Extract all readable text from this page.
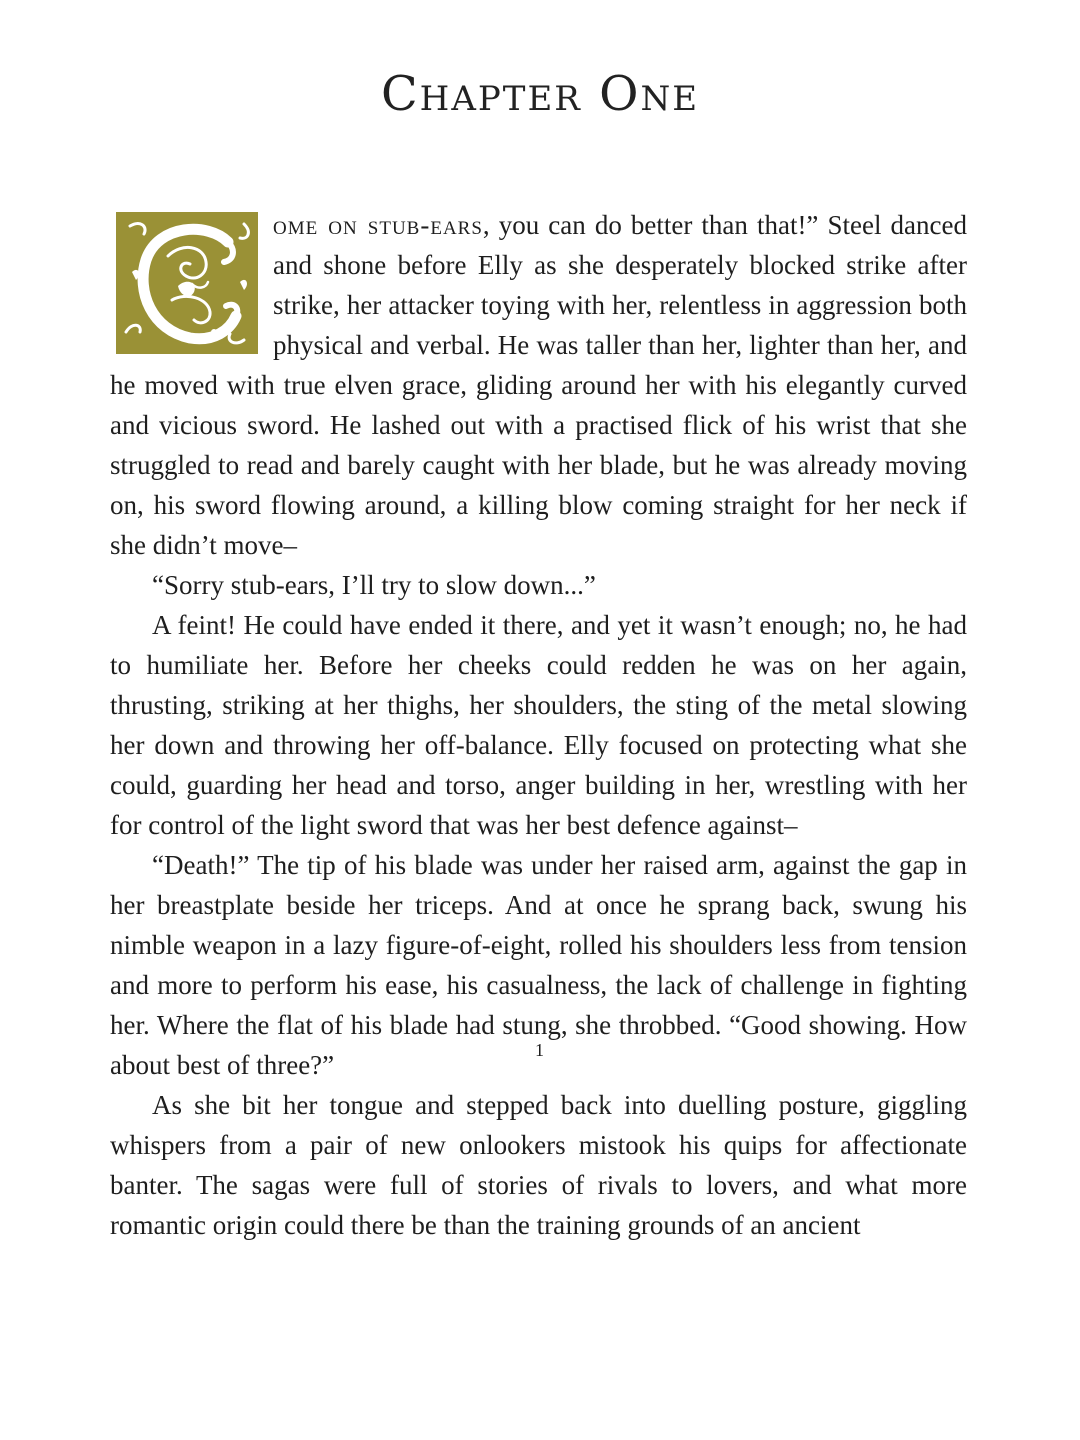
Chapter One

ome on stub-ears, you can do better than that!” Steel danced and shone before Elly as she desperately blocked strike after strike, her attacker toying with her, relentless in aggression both physical and verbal. He was taller than her, lighter than her, and he moved with true elven grace, gliding around her with his elegantly curved and vicious sword. He lashed out with a practised flick of his wrist that she struggled to read and barely caught with her blade, but he was already moving on, his sword flowing around, a killing blow coming straight for her neck if she didn’t move–

“Sorry stub-ears, I’ll try to slow down...”

A feint! He could have ended it there, and yet it wasn’t enough; no, he had to humiliate her. Before her cheeks could redden he was on her again, thrusting, striking at her thighs, her shoulders, the sting of the metal slowing her down and throwing her off-balance. Elly focused on protecting what she could, guarding her head and torso, anger building in her, wrestling with her for control of the light sword that was her best defence against–

“Death!” The tip of his blade was under her raised arm, against the gap in her breastplate beside her triceps. And at once he sprang back, swung his nimble weapon in a lazy figure-of-eight, rolled his shoulders less from tension and more to perform his ease, his casualness, the lack of challenge in fighting her. Where the flat of his blade had stung, she throbbed. “Good showing. How about best of three?”

As she bit her tongue and stepped back into duelling posture, giggling whispers from a pair of new onlookers mistook his quips for affectionate banter. The sagas were full of stories of rivals to lovers, and what more romantic origin could there be than the training grounds of an ancient

1
